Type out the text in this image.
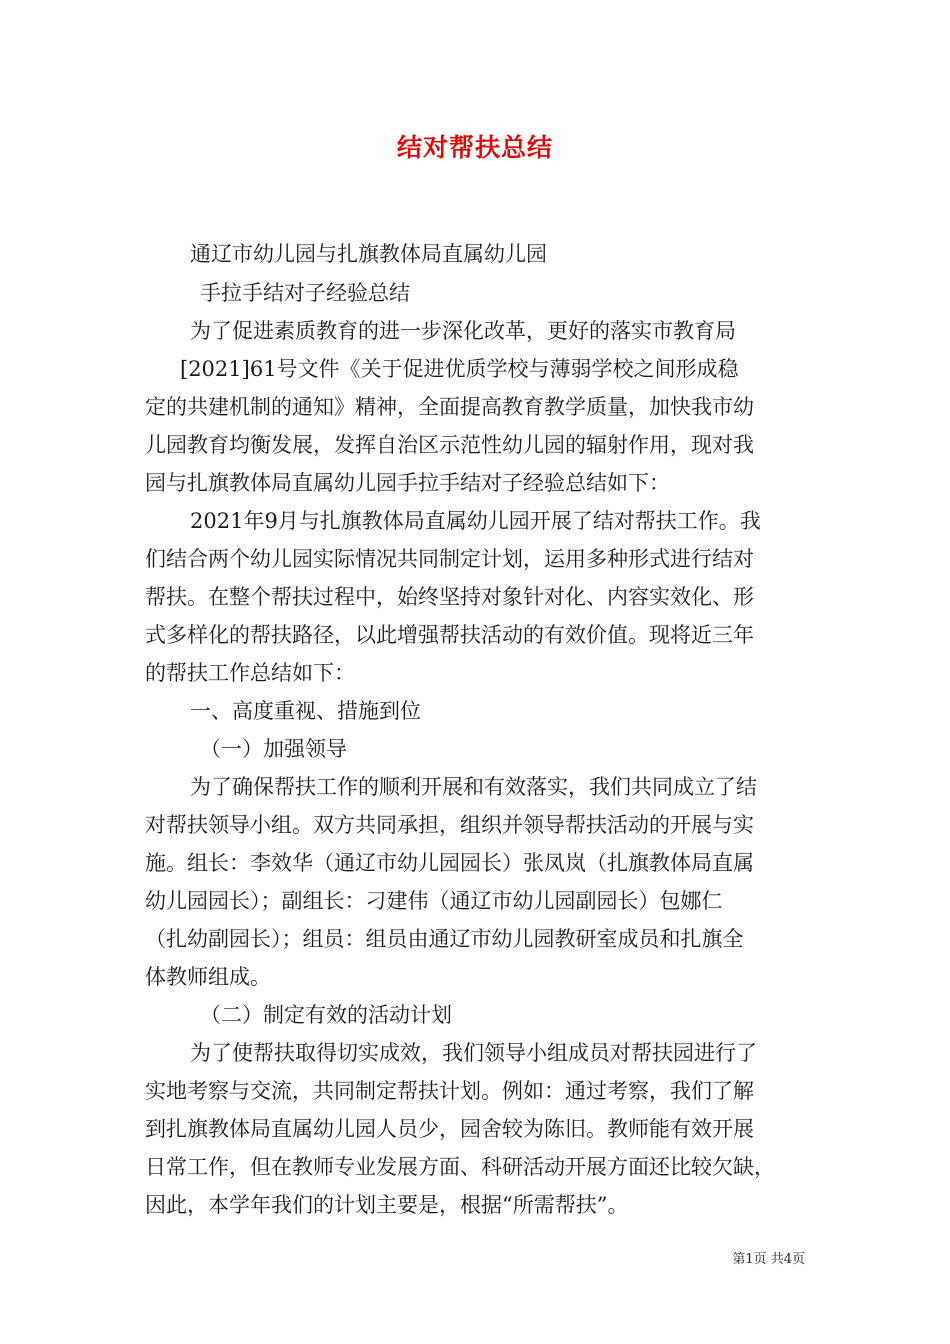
结对帮扶总结
通辽市幼儿园与扎旗教体局直属幼儿园
手拉手结对子经验总结
为了促进素质教育的进一步深化改革，更好的落实市教育局
[2021]61号文件《关于促进优质学校与薄弱学校之间形成稳
定的共建机制的通知》精神，全面提高教育教学质量，加快我市幼
儿园教育均衡发展，发挥自治区示范性幼儿园的辐射作用，现对我
园与扎旗教体局直属幼儿园手拉手结对子经验总结如下：
2021年9月与扎旗教体局直属幼儿园开展了结对帮扶工作。我
们结合两个幼儿园实际情况共同制定计划，运用多种形式进行结对
帮扶。在整个帮扶过程中，始终坚持对象针对化、内容实效化、形
式多样化的帮扶路径，以此增强帮扶活动的有效价值。现将近三年
的帮扶工作总结如下：
一、高度重视、措施到位
（一）加强领导
为了确保帮扶工作的顺利开展和有效落实，我们共同成立了结
对帮扶领导小组。双方共同承担，组织并领导帮扶活动的开展与实
施。组长：李效华（通辽市幼儿园园长）张凤岚（扎旗教体局直属
幼儿园园长）；副组长：刁建伟（通辽市幼儿园副园长）包娜仁
（扎幼副园长）；组员：组员由通辽市幼儿园教研室成员和扎旗全
体教师组成。
（二）制定有效的活动计划
为了使帮扶取得切实成效，我们领导小组成员对帮扶园进行了
实地考察与交流，共同制定帮扶计划。例如：通过考察，我们了解
到扎旗教体局直属幼儿园人员少，园舍较为陈旧。教师能有效开展
日常工作，但在教师专业发展方面、科研活动开展方面还比较欠缺，
因此，本学年我们的计划主要是，根据“所需帮扶”。
第1页 共4页
